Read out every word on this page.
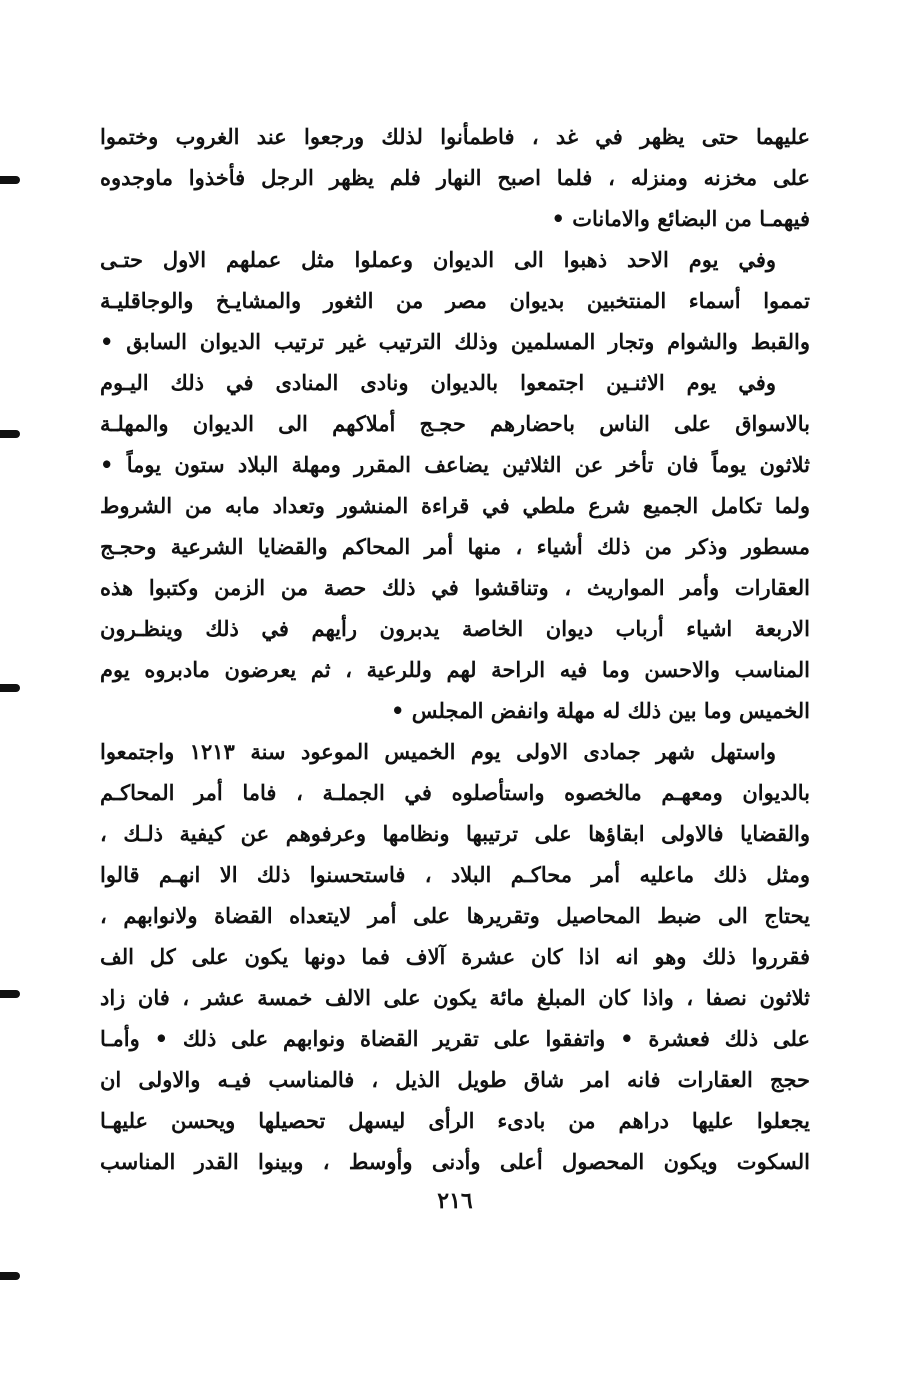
عليهما حتى يظهر في غد ، فاطمأنوا لذلك ورجعوا عند الغروب وختموا
على مخزنه ومنزله ، فلما اصبح النهار فلم يظهر الرجل فأخذوا ماوجدوه
فيهمـا من البضائع والامانات •
وفي يوم الاحد ذهبوا الى الديوان وعملوا مثل عملهم الاول حتـى
تمموا أسماء المنتخبين بديوان مصر من الثغور والمشايـخ والوجاقليـة
والقبط والشوام وتجار المسلمين وذلك الترتيب غير ترتيب الديوان السابق •
وفي يوم الاثنـين اجتمعوا بالديوان ونادى المنادى في ذلك اليـوم
بالاسواق على الناس باحضارهم حجـج أملاكهم الى الديوان والمهلـة
ثلاثون يوماً فان تأخر عن الثلاثين يضاعف المقرر ومهلة البلاد ستون يوماً •
ولما تكامل الجميع شرع ملطي في قراءة المنشور وتعداد مابه من الشروط
مسطور وذكر من ذلك أشياء ، منها أمر المحاكم والقضايا الشرعية وحجـج
العقارات وأمر المواريث ، وتناقشوا في ذلك حصة من الزمن وكتبوا هذه
الاربعة اشياء أرباب ديوان الخاصة يدبرون رأيهم في ذلك وينظـرون
المناسب والاحسن وما فيه الراحة لهم وللرعية ، ثم يعرضون مادبروه يوم
الخميس وما بين ذلك له مهلة وانفض المجلس •
واستهل شهر جمادى الاولى يوم الخميس الموعود سنة ١٢١٣ واجتمعوا
بالديوان ومعهـم مالخصوه واستأصلوه في الجملـة ، فاما أمر المحاكـم
والقضايا فالاولى ابقاؤها على ترتيبها ونظامها وعرفوهم عن كيفية ذلـك ،
ومثل ذلك ماعليه أمر محاكـم البلاد ، فاستحسنوا ذلك الا انهـم قالوا
يحتاج الى ضبط المحاصيل وتقريرها على أمر لايتعداه القضاة ولانوابهم ،
فقرروا ذلك وهو انه اذا كان عشرة آلاف فما دونها يكون على كل الف
ثلاثون نصفا ، واذا كان المبلغ مائة يكون على الالف خمسة عشر ، فان زاد
على ذلك فعشرة • واتفقوا على تقرير القضاة ونوابهم على ذلك • وأمـا
حجج العقارات فانه امر شاق طويل الذيل ، فالمناسب فيـه والاولى ان
يجعلوا عليها دراهم من بادىء الرأى ليسهل تحصيلها ويحسن عليهـا
السكوت ويكون المحصول أعلى وأدنى وأوسط ، وبينوا القدر المناسب
٢١٦
